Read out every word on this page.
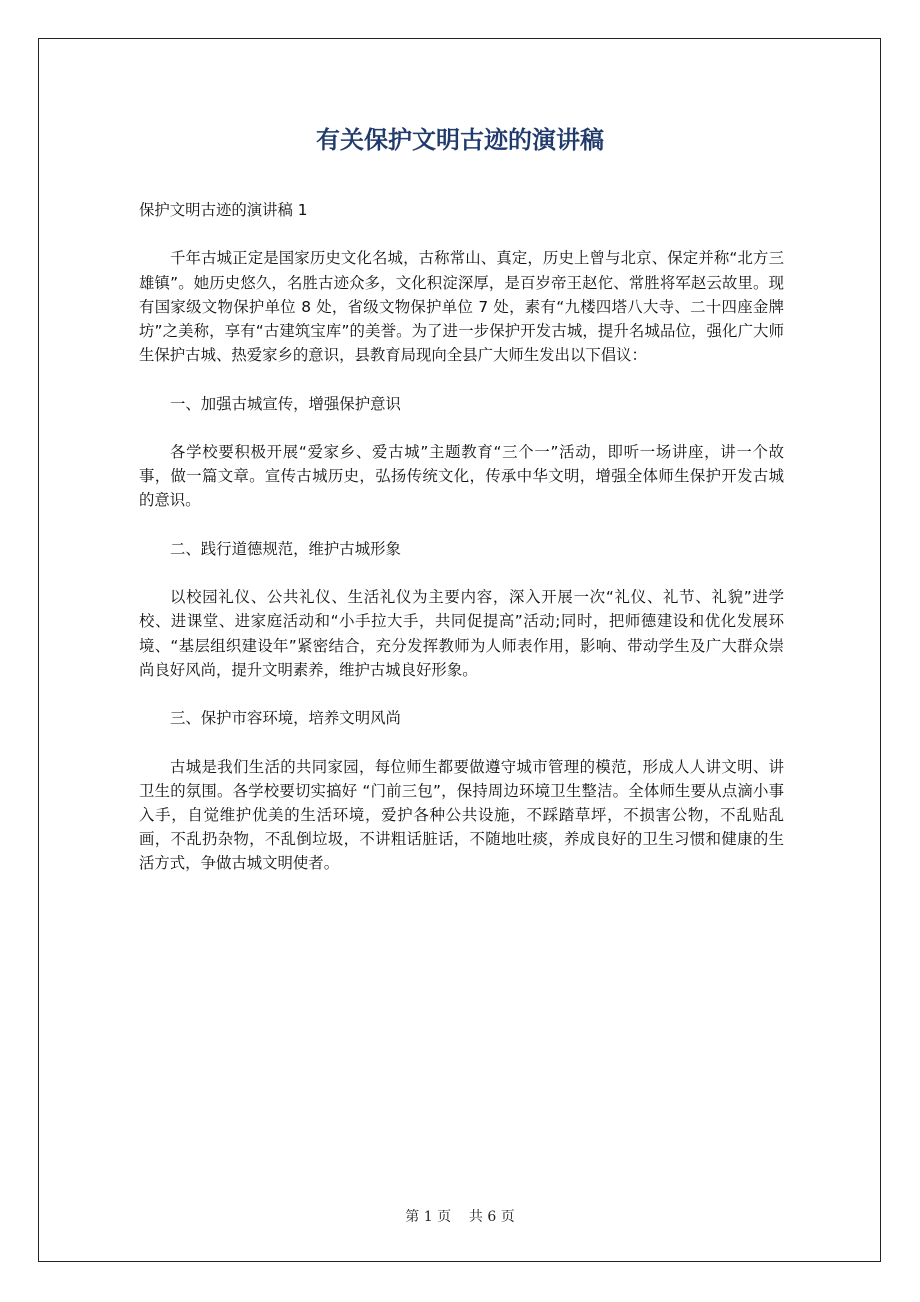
有关保护文明古迹的演讲稿

保护文明古迹的演讲稿 1

千年古城正定是国家历史文化名城，古称常山、真定，历史上曾与北京、保定并称“北方三雄镇”。她历史悠久，名胜古迹众多，文化积淀深厚，是百岁帝王赵佗、常胜将军赵云故里。现有国家级文物保护单位 8 处，省级文物保护单位 7 处，素有“九楼四塔八大寺、二十四座金牌坊”之美称，享有“古建筑宝库”的美誉。为了进一步保护开发古城，提升名城品位，强化广大师生保护古城、热爱家乡的意识，县教育局现向全县广大师生发出以下倡议：

一、加强古城宣传，增强保护意识

各学校要积极开展“爱家乡、爱古城”主题教育“三个一”活动，即听一场讲座，讲一个故事，做一篇文章。宣传古城历史，弘扬传统文化，传承中华文明，增强全体师生保护开发古城的意识。

二、践行道德规范，维护古城形象

以校园礼仪、公共礼仪、生活礼仪为主要内容，深入开展一次“礼仪、礼节、礼貌”进学校、进课堂、进家庭活动和“小手拉大手，共同促提高”活动;同时，把师德建设和优化发展环境、“基层组织建设年”紧密结合，充分发挥教师为人师表作用，影响、带动学生及广大群众崇尚良好风尚，提升文明素养，维护古城良好形象。

三、保护市容环境，培养文明风尚

古城是我们生活的共同家园，每位师生都要做遵守城市管理的模范，形成人人讲文明、讲卫生的氛围。各学校要切实搞好 “门前三包”，保持周边环境卫生整洁。全体师生要从点滴小事入手，自觉维护优美的生活环境，爱护各种公共设施，不踩踏草坪，不损害公物，不乱贴乱画，不乱扔杂物，不乱倒垃圾，不讲粗话脏话，不随地吐痰，养成良好的卫生习惯和健康的生活方式，争做古城文明使者。

第 1 页 共 6 页
